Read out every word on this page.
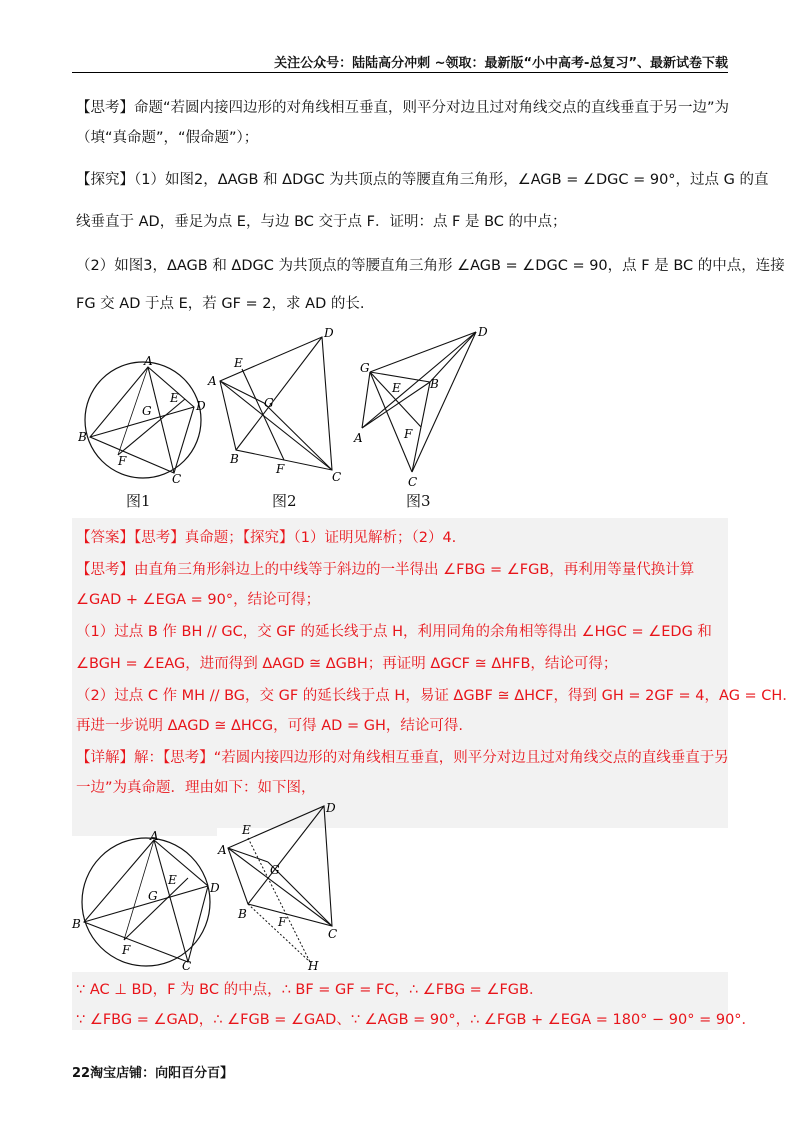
关注公众号：陆陆高分冲刺 ~领取：最新版“小中高考-总复习”、最新试卷下载
【思考】命题“若圆内接四边形的对角线相互垂直，则平分对边且过对角线交点的直线垂直于另一边”为
（填“真命题”，“假命题”）；
【探究】（1）如图2，ΔAGB 和 ΔDGC 为共顶点的等腰直角三角形，∠AGB = ∠DGC = 90°，过点 G 的直
线垂直于 AD，垂足为点 E，与边 BC 交于点 F．证明：点 F 是 BC 的中点；
（2）如图3，ΔAGB 和 ΔDGC 为共顶点的等腰直角三角形 ∠AGB = ∠DGC = 90，点 F 是 BC 的中点，连接
FG 交 AD 于点 E，若 GF = 2，求 AD 的长.
A
B
C
D
E
F
G
图1
A
B
C
D
E
F
G
图2
G
A
B
C
D
E
F
图3
【答案】【思考】真命题；【探究】（1）证明见解析；（2）4.
【思考】由直角三角形斜边上的中线等于斜边的一半得出 ∠FBG = ∠FGB，再利用等量代换计算
∠GAD + ∠EGA = 90°，结论可得；
（1）过点 B 作 BH // GC，交 GF 的延长线于点 H，利用同角的余角相等得出 ∠HGC = ∠EDG 和
∠BGH = ∠EAG，进而得到 ΔAGD ≅ ΔGBH；再证明 ΔGCF ≅ ΔHFB，结论可得；
（2）过点 C 作 MH // BG，交 GF 的延长线于点 H，易证 ΔGBF ≅ ΔHCF，得到 GH = 2GF = 4，AG = CH．
再进一步说明 ΔAGD ≅ ΔHCG，可得 AD = GH，结论可得.
【详解】解：【思考】“若圆内接四边形的对角线相互垂直，则平分对边且过对角线交点的直线垂直于另
一边”为真命题．理由如下：如下图，
A
B
C
D
E
F
G
A
B
C
D
E
F
G
H
∵ AC ⊥ BD，F 为 BC 的中点，∴ BF = GF = FC，∴ ∠FBG = ∠FGB．
∵ ∠FBG = ∠GAD，∴ ∠FGB = ∠GAD、∵ ∠AGB = 90°，∴ ∠FGB + ∠EGA = 180° − 90° = 90°．
22淘宝店铺：向阳百分百】
